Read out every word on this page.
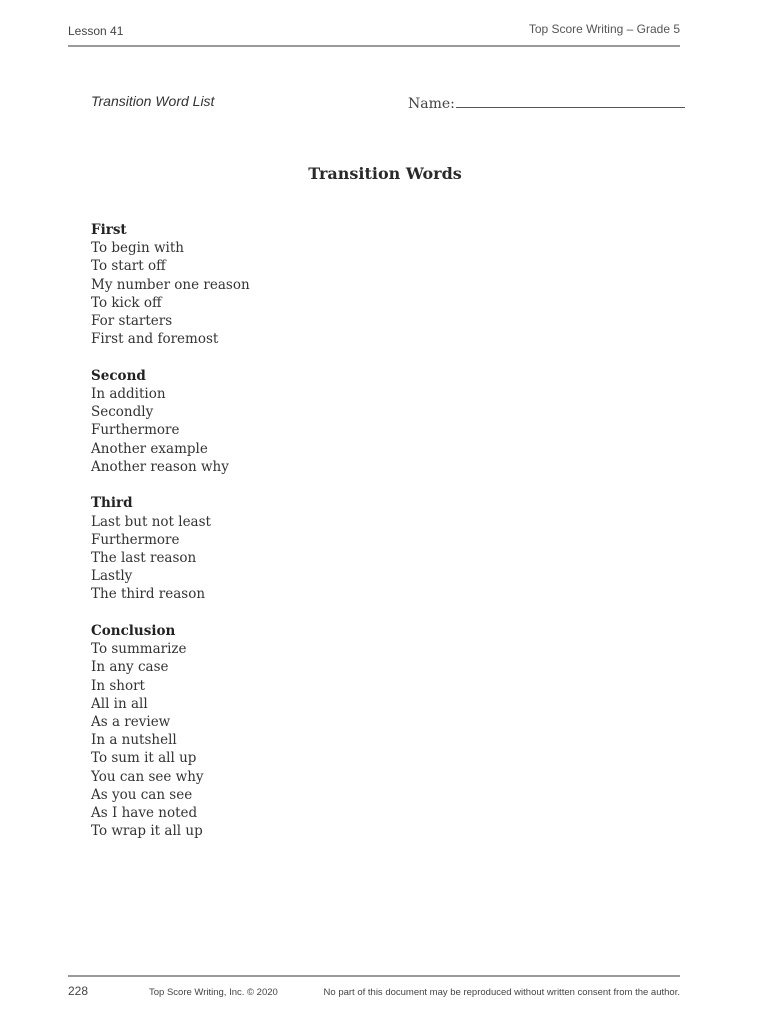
Lesson 41	Top Score Writing – Grade 5
Transition Word List	Name:
Transition Words
First
To begin with
To start off
My number one reason
To kick off
For starters
First and foremost
Second
In addition
Secondly
Furthermore
Another example
Another reason why
Third
Last but not least
Furthermore
The last reason
Lastly
The third reason
Conclusion
To summarize
In any case
In short
All in all
As a review
In a nutshell
To sum it all up
You can see why
As you can see
As I have noted
To wrap it all up
228	Top Score Writing, Inc. © 2020	No part of this document may be reproduced without written consent from the author.
